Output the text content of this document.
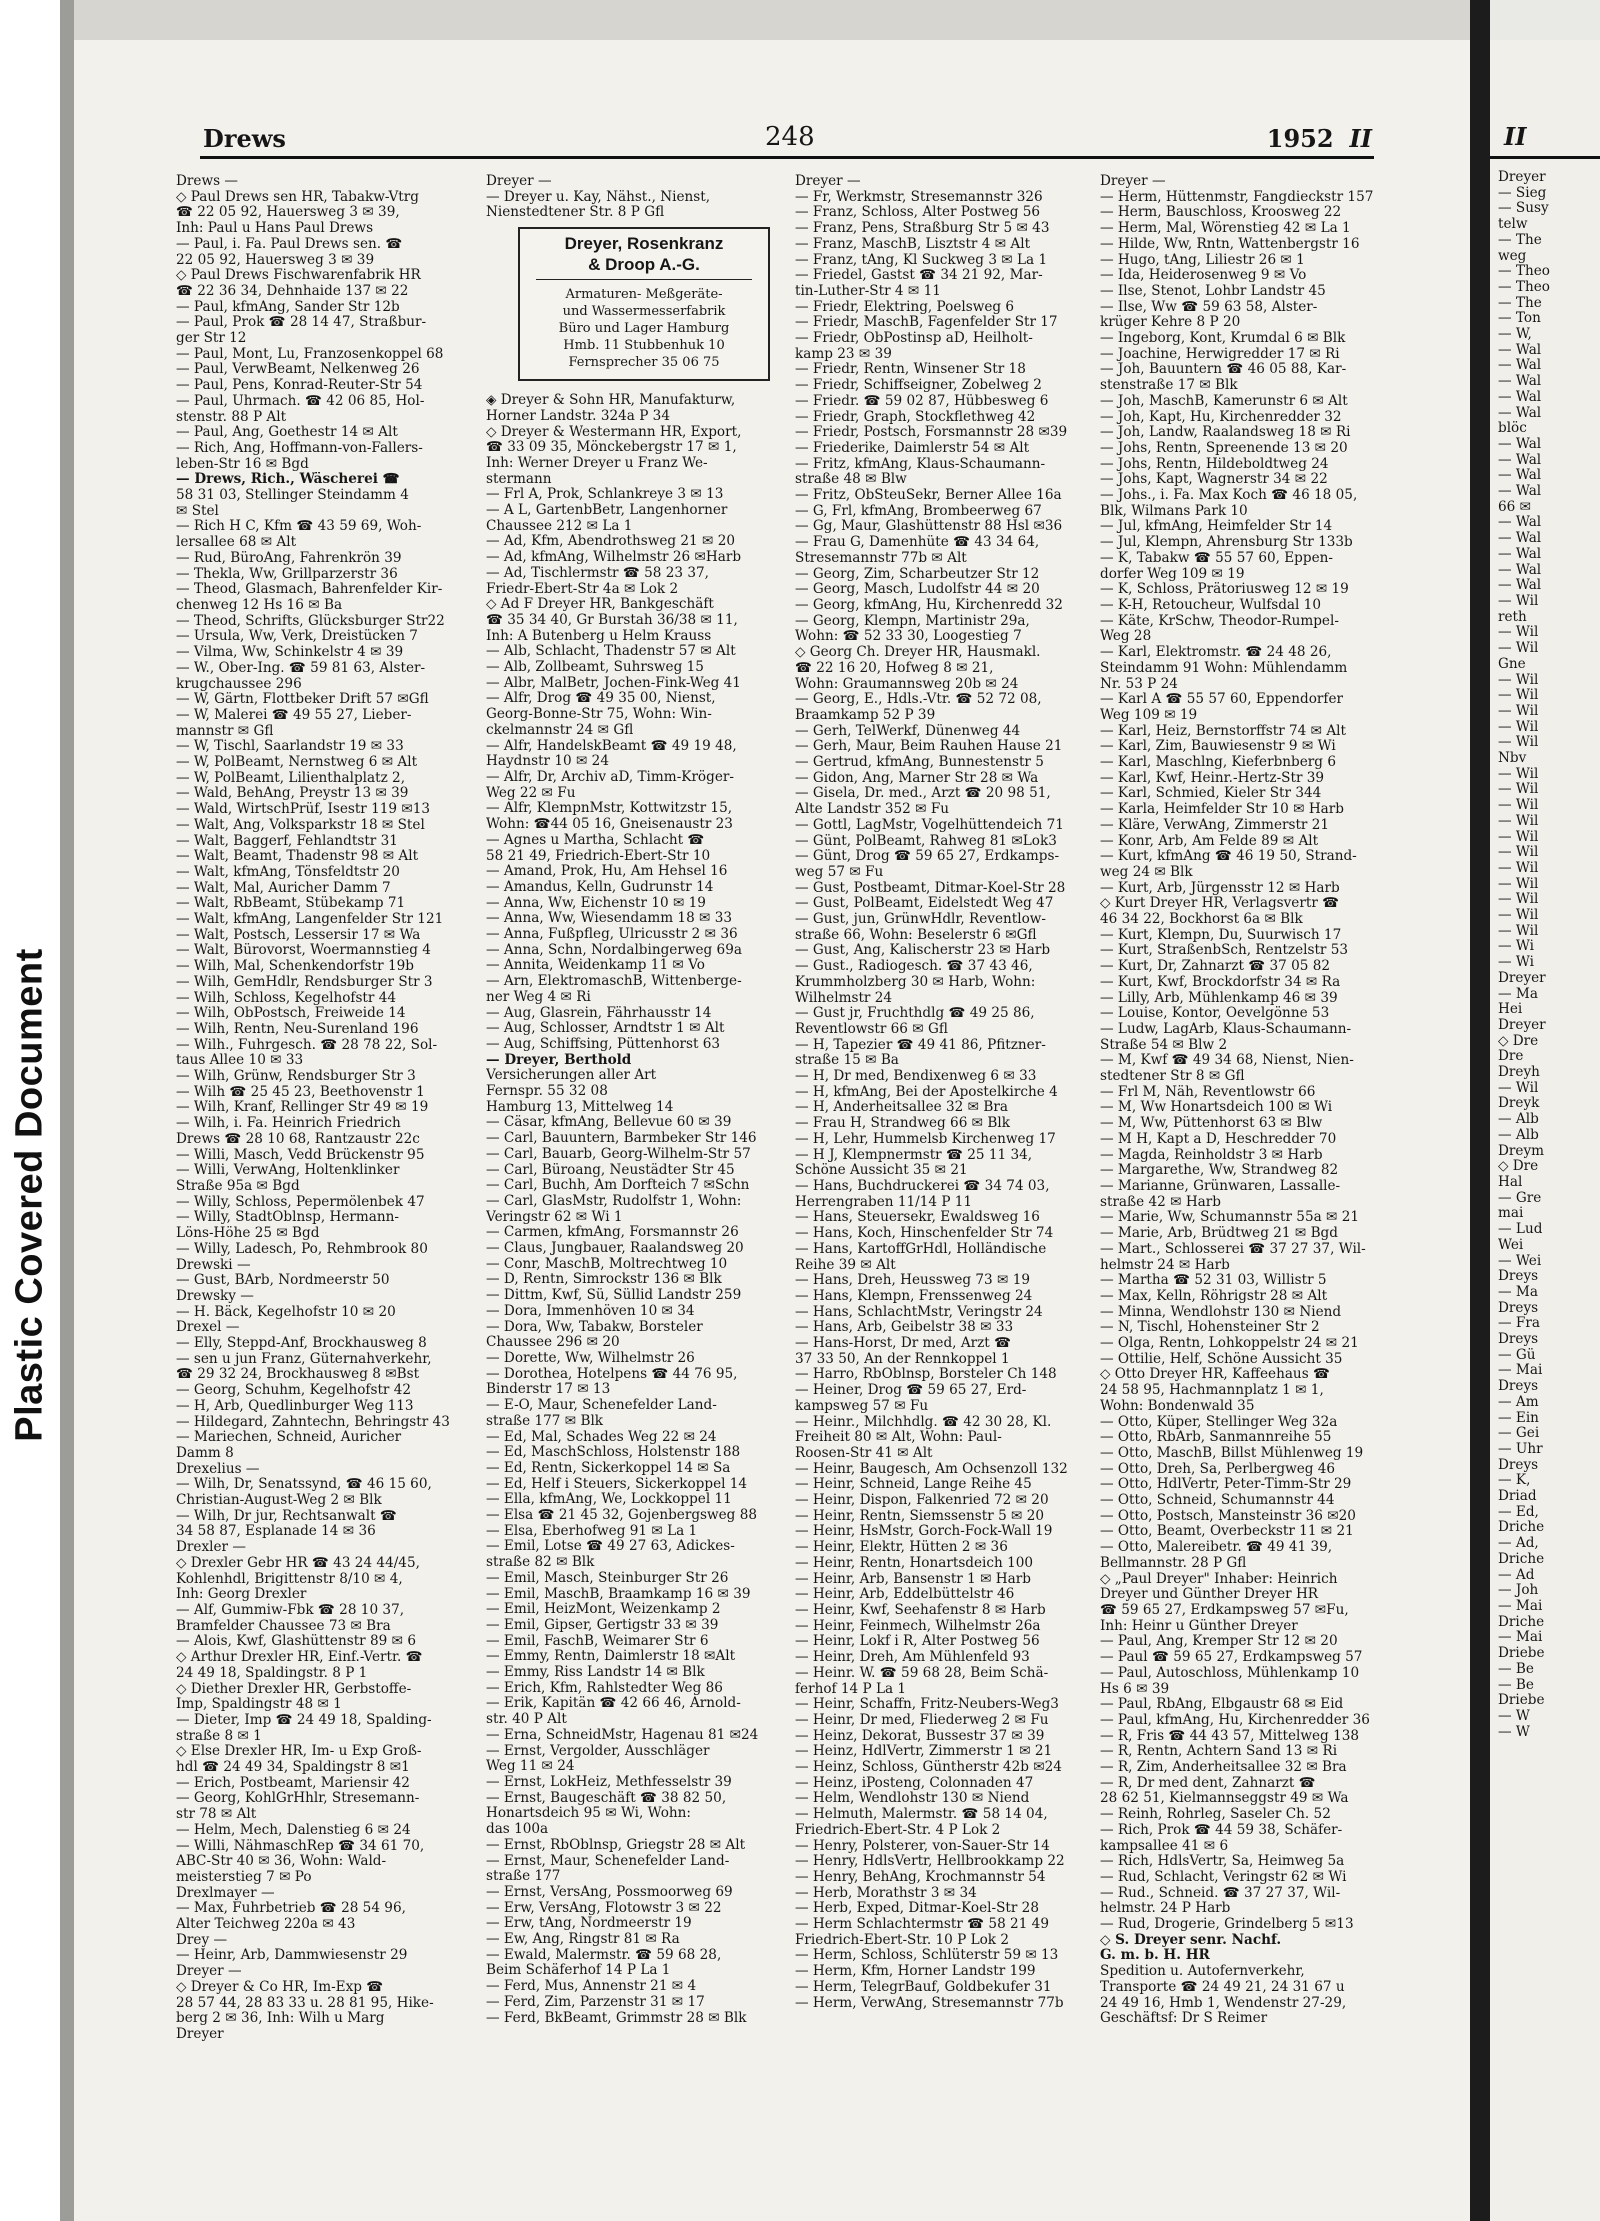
Plastic Covered Document
Drews	248	1952 II
Drews —
◇ Paul Drews sen HR, Tabakw-Vtrg
☎ 22 05 92, Hauersweg 3 ✉ 39,
Inh: Paul u Hans Paul Drews
— Paul, i. Fa. Paul Drews sen. ☎
22 05 92, Hauersweg 3 ✉ 39
◇ Paul Drews Fischwarenfabrik HR
☎ 22 36 34, Dehnhaide 137 ✉ 22
— Paul, kfmAng, Sander Str 12b
— Paul, Prok ☎ 28 14 47, Straßbur-
ger Str 12
— Paul, Mont, Lu, Franzosenkoppel 68
— Paul, VerwBeamt, Nelkenweg 26
— Paul, Pens, Konrad-Reuter-Str 54
— Paul, Uhrmach. ☎ 42 06 85, Hol-
stenstr. 88 P Alt
— Paul, Ang, Goethestr 14 ✉ Alt
— Rich, Ang, Hoffmann-von-Fallers-
leben-Str 16 ✉ Bgd
— Drews, Rich., Wäscherei ☎
58 31 03, Stellinger Steindamm 4
✉ Stel
— Rich H C, Kfm ☎ 43 59 69, Woh-
lersallee 68 ✉ Alt
— Rud, BüroAng, Fahrenkrön 39
— Thekla, Ww, Grillparzerstr 36
— Theod, Glasmach, Bahrenfelder Kir-
chenweg 12 Hs 16 ✉ Ba
— Theod, Schrifts, Glücksburger Str22
— Ursula, Ww, Verk, Dreistücken 7
— Vilma, Ww, Schinkelstr 4 ✉ 39
— W., Ober-Ing. ☎ 59 81 63, Alster-
krugchaussee 296
— W, Gärtn, Flottbeker Drift 57 ✉Gfl
— W, Malerei ☎ 49 55 27, Lieber-
mannstr ✉ Gfl
— W, Tischl, Saarlandstr 19 ✉ 33
— W, PolBeamt, Nernstweg 6 ✉ Alt
— W, PolBeamt, Lilienthalplatz 2,
— Wald, BehAng, Preystr 13 ✉ 39
— Wald, WirtschPrüf, Isestr 119 ✉13
— Walt, Ang, Volksparkstr 18 ✉ Stel
— Walt, Baggerf, Fehlandtstr 31
— Walt, Beamt, Thadenstr 98 ✉ Alt
— Walt, kfmAng, Tönsfeldtstr 20
— Walt, Mal, Auricher Damm 7
— Walt, RbBeamt, Stübekamp 71
— Walt, kfmAng, Langenfelder Str 121
— Walt, Postsch, Lessersir 17 ✉ Wa
— Walt, Bürovorst, Woermannstieg 4
— Wilh, Mal, Schenkendorfstr 19b
— Wilh, GemHdlr, Rendsburger Str 3
— Wilh, Schloss, Kegelhofstr 44
— Wilh, ObPostsch, Freiweide 14
— Wilh, Rentn, Neu-Surenland 196
— Wilh., Fuhrgesch. ☎ 28 78 22, Sol-
taus Allee 10 ✉ 33
— Wilh, Grünw, Rendsburger Str 3
— Wilh ☎ 25 45 23, Beethovenstr 1
— Wilh, Kranf, Rellinger Str 49 ✉ 19
— Wilh, i. Fa. Heinrich Friedrich
Drews ☎ 28 10 68, Rantzaustr 22c
— Willi, Masch, Vedd Brückenstr 95
— Willi, VerwAng, Holtenklinker
Straße 95a ✉ Bgd
— Willy, Schloss, Pepermölenbek 47
— Willy, StadtOblnsp, Hermann-
Löns-Höhe 25 ✉ Bgd
— Willy, Ladesch, Po, Rehmbrook 80
Drewski —
— Gust, BArb, Nordmeerstr 50
Drewsky —
— H. Bäck, Kegelhofstr 10 ✉ 20
Drexel —
— Elly, Steppd-Anf, Brockhausweg 8
— sen u jun Franz, Güternahverkehr,
☎ 29 32 24, Brockhausweg 8 ✉Bst
— Georg, Schuhm, Kegelhofstr 42
— H, Arb, Quedlinburger Weg 113
— Hildegard, Zahntechn, Behringstr 43
— Mariechen, Schneid, Auricher
Damm 8
Drexelius —
— Wilh, Dr, Senatssynd, ☎ 46 15 60,
Christian-August-Weg 2 ✉ Blk
— Wilh, Dr jur, Rechtsanwalt ☎
34 58 87, Esplanade 14 ✉ 36
Drexler —
◇ Drexler Gebr HR ☎ 43 24 44/45,
Kohlenhdl, Brigittenstr 8/10 ✉ 4,
Inh: Georg Drexler
— Alf, Gummiw-Fbk ☎ 28 10 37,
Bramfelder Chaussee 73 ✉ Bra
— Alois, Kwf, Glashüttenstr 89 ✉ 6
◇ Arthur Drexler HR, Einf.-Vertr. ☎
24 49 18, Spaldingstr. 8 P 1
◇ Diether Drexler HR, Gerbstoffe-
Imp, Spaldingstr 48 ✉ 1
— Dieter, Imp ☎ 24 49 18, Spalding-
straße 8 ✉ 1
◇ Else Drexler HR, Im- u Exp Groß-
hdl ☎ 24 49 34, Spaldingstr 8 ✉1
— Erich, Postbeamt, Mariensir 42
— Georg, KohlGrHhlr, Stresemann-
str 78 ✉ Alt
— Helm, Mech, Dalenstieg 6 ✉ 24
— Willi, NähmaschRep ☎ 34 61 70,
ABC-Str 40 ✉ 36, Wohn: Wald-
meisterstieg 7 ✉ Po
Drexlmayer —
— Max, Fuhrbetrieb ☎ 28 54 96,
Alter Teichweg 220a ✉ 43
Drey —
— Heinr, Arb, Dammwiesenstr 29
Dreyer —
◇ Dreyer & Co HR, Im-Exp ☎
28 57 44, 28 83 33 u. 28 81 95, Hike-
berg 2 ✉ 36, Inh: Wilh u Marg
Dreyer
Dreyer —
— Dreyer u. Kay, Nähst., Nienst,
Nienstedtener Str. 8 P Gfl
Dreyer, Rosenkranz
& Droop A.-G.
Armaturen- Meßgeräte-
und Wassermesserfabrik
Büro und Lager Hamburg
Hmb. 11 Stubbenhuk 10
Fernsprecher 35 06 75
◈ Dreyer & Sohn HR, Manufakturw,
Horner Landstr. 324a P 34
◇ Dreyer & Westermann HR, Export,
☎ 33 09 35, Mönckebergstr 17 ✉ 1,
Inh: Werner Dreyer u Franz We-
stermann
— Frl A, Prok, Schlankreye 3 ✉ 13
— A L, GartenbBetr, Langenhorner
Chaussee 212 ✉ La 1
— Ad, Kfm, Abendrothsweg 21 ✉ 20
— Ad, kfmAng, Wilhelmstr 26 ✉Harb
— Ad, Tischlermstr ☎ 58 23 37,
Friedr-Ebert-Str 4a ✉ Lok 2
◇ Ad F Dreyer HR, Bankgeschäft
☎ 35 34 40, Gr Burstah 36/38 ✉ 11,
Inh: A Butenberg u Helm Krauss
— Alb, Schlacht, Thadenstr 57 ✉ Alt
— Alb, Zollbeamt, Suhrsweg 15
— Albr, MalBetr, Jochen-Fink-Weg 41
— Alfr, Drog ☎ 49 35 00, Nienst,
Georg-Bonne-Str 75, Wohn: Win-
ckelmannstr 24 ✉ Gfl
— Alfr, HandelskBeamt ☎ 49 19 48,
Haydnstr 10 ✉ 24
— Alfr, Dr, Archiv aD, Timm-Kröger-
Weg 22 ✉ Fu
— Alfr, KlempnMstr, Kottwitzstr 15,
Wohn: ☎44 05 16, Gneisenaustr 23
— Agnes u Martha, Schlacht ☎
58 21 49, Friedrich-Ebert-Str 10
— Amand, Prok, Hu, Am Hehsel 16
— Amandus, Kelln, Gudrunstr 14
— Anna, Ww, Eichenstr 10 ✉ 19
— Anna, Ww, Wiesendamm 18 ✉ 33
— Anna, Fußpfleg, Ulricusstr 2 ✉ 36
— Anna, Schn, Nordalbingerweg 69a
— Annita, Weidenkamp 11 ✉ Vo
— Arn, ElektromaschB, Wittenberge-
ner Weg 4 ✉ Ri
— Aug, Glasrein, Fährhausstr 14
— Aug, Schlosser, Arndtstr 1 ✉ Alt
— Aug, Schiffsing, Püttenhorst 63
— Dreyer, Berthold
Versicherungen aller Art
Fernspr. 55 32 08
Hamburg 13, Mittelweg 14
— Cäsar, kfmAng, Bellevue 60 ✉ 39
— Carl, Bauuntern, Barmbeker Str 146
— Carl, Bauarb, Georg-Wilhelm-Str 57
— Carl, Büroang, Neustädter Str 45
— Carl, Buchh, Am Dorfteich 7 ✉Schn
— Carl, GlasMstr, Rudolfstr 1, Wohn:
Veringstr 62 ✉ Wi 1
— Carmen, kfmAng, Forsmannstr 26
— Claus, Jungbauer, Raalandsweg 20
— Conr, MaschB, Moltrechtweg 10
— D, Rentn, Simrockstr 136 ✉ Blk
— Dittm, Kwf, Sü, Süllid Landstr 259
— Dora, Immenhöven 10 ✉ 34
— Dora, Ww, Tabakw, Borsteler
Chaussee 296 ✉ 20
— Dorette, Ww, Wilhelmstr 26
— Dorothea, Hotelpens ☎ 44 76 95,
Binderstr 17 ✉ 13
— E-O, Maur, Schenefelder Land-
straße 177 ✉ Blk
— Ed, Mal, Schades Weg 22 ✉ 24
— Ed, MaschSchloss, Holstenstr 188
— Ed, Rentn, Sickerkoppel 14 ✉ Sa
— Ed, Helf i Steuers, Sickerkoppel 14
— Ella, kfmAng, We, Lockkoppel 11
— Elsa ☎ 21 45 32, Gojenbergsweg 88
— Elsa, Eberhofweg 91 ✉ La 1
— Emil, Lotse ☎ 49 27 63, Adickes-
straße 82 ✉ Blk
— Emil, Masch, Steinburger Str 26
— Emil, MaschB, Braamkamp 16 ✉ 39
— Emil, HeizMont, Weizenkamp 2
— Emil, Gipser, Gertigstr 33 ✉ 39
— Emil, FaschB, Weimarer Str 6
— Emmy, Rentn, Daimlerstr 18 ✉Alt
— Emmy, Riss Landstr 14 ✉ Blk
— Erich, Kfm, Rahlstedter Weg 86
— Erik, Kapitän ☎ 42 66 46, Arnold-
str. 40 P Alt
— Erna, SchneidMstr, Hagenau 81 ✉24
— Ernst, Vergolder, Ausschläger
Weg 11 ✉ 24
— Ernst, LokHeiz, Methfesselstr 39
— Ernst, Baugeschäft ☎ 38 82 50,
Honartsdeich 95 ✉ Wi, Wohn:
das 100a
— Ernst, RbOblnsp, Griegstr 28 ✉ Alt
— Ernst, Maur, Schenefelder Land-
straße 177
— Ernst, VersAng, Possmoorweg 69
— Erw, VersAng, Flotowstr 3 ✉ 22
— Erw, tAng, Nordmeerstr 19
— Ew, Ang, Ringstr 81 ✉ Ra
— Ewald, Malermstr. ☎ 59 68 28,
Beim Schäferhof 14 P La 1
— Ferd, Mus, Annenstr 21 ✉ 4
— Ferd, Zim, Parzenstr 31 ✉ 17
— Ferd, BkBeamt, Grimmstr 28 ✉ Blk
Dreyer —
— Fr, Werkmstr, Stresemannstr 326
— Franz, Schloss, Alter Postweg 56
— Franz, Pens, Straßburg Str 5 ✉ 43
— Franz, MaschB, Lisztstr 4 ✉ Alt
— Franz, tAng, Kl Suckweg 3 ✉ La 1
— Friedel, Gastst ☎ 34 21 92, Mar-
tin-Luther-Str 4 ✉ 11
— Friedr, Elektring, Poelsweg 6
— Friedr, MaschB, Fagenfelder Str 17
— Friedr, ObPostinsp aD, Heilholt-
kamp 23 ✉ 39
— Friedr, Rentn, Winsener Str 18
— Friedr, Schiffseigner, Zobelweg 2
— Friedr. ☎ 59 02 87, Hübbesweg 6
— Friedr, Graph, Stockflethweg 42
— Friedr, Postsch, Forsmannstr 28 ✉39
— Friederike, Daimlerstr 54 ✉ Alt
— Fritz, kfmAng, Klaus-Schaumann-
straße 48 ✉ Blw
— Fritz, ObSteuSekr, Berner Allee 16a
— G, Frl, kfmAng, Brombeerweg 67
— Gg, Maur, Glashüttenstr 88 Hsl ✉36
— Frau G, Damenhüte ☎ 43 34 64,
Stresemannstr 77b ✉ Alt
— Georg, Zim, Scharbeutzer Str 12
— Georg, Masch, Ludolfstr 44 ✉ 20
— Georg, kfmAng, Hu, Kirchenredd 32
— Georg, Klempn, Martinistr 29a,
Wohn: ☎ 52 33 30, Loogestieg 7
◇ Georg Ch. Dreyer HR, Hausmakl.
☎ 22 16 20, Hofweg 8 ✉ 21,
Wohn: Graumannsweg 20b ✉ 24
— Georg, E., Hdls.-Vtr. ☎ 52 72 08,
Braamkamp 52 P 39
— Gerh, TelWerkf, Dünenweg 44
— Gerh, Maur, Beim Rauhen Hause 21
— Gertrud, kfmAng, Bunnestenstr 5
— Gidon, Ang, Marner Str 28 ✉ Wa
— Gisela, Dr. med., Arzt ☎ 20 98 51,
Alte Landstr 352 ✉ Fu
— Gottl, LagMstr, Vogelhüttendeich 71
— Günt, PolBeamt, Rahweg 81 ✉Lok3
— Günt, Drog ☎ 59 65 27, Erdkamps-
weg 57 ✉ Fu
— Gust, Postbeamt, Ditmar-Koel-Str 28
— Gust, PolBeamt, Eidelstedt Weg 47
— Gust, jun, GrünwHdlr, Reventlow-
straße 66, Wohn: Beselerstr 6 ✉Gfl
— Gust, Ang, Kalischerstr 23 ✉ Harb
— Gust., Radiogesch. ☎ 37 43 46,
Krummholzberg 30 ✉ Harb, Wohn:
Wilhelmstr 24
— Gust jr, Fruchthdlg ☎ 49 25 86,
Reventlowstr 66 ✉ Gfl
— H, Tapezier ☎ 49 41 86, Pfitzner-
straße 15 ✉ Ba
— H, Dr med, Bendixenweg 6 ✉ 33
— H, kfmAng, Bei der Apostelkirche 4
— H, Anderheitsallee 32 ✉ Bra
— Frau H, Strandweg 66 ✉ Blk
— H, Lehr, Hummelsb Kirchenweg 17
— H J, Klempnermstr ☎ 25 11 34,
Schöne Aussicht 35 ✉ 21
— Hans, Buchdruckerei ☎ 34 74 03,
Herrengraben 11/14 P 11
— Hans, Steuersekr, Ewaldsweg 16
— Hans, Koch, Hinschenfelder Str 74
— Hans, KartoffGrHdl, Holländische
Reihe 39 ✉ Alt
— Hans, Dreh, Heussweg 73 ✉ 19
— Hans, Klempn, Frenssenweg 24
— Hans, SchlachtMstr, Veringstr 24
— Hans, Arb, Geibelstr 38 ✉ 33
— Hans-Horst, Dr med, Arzt ☎
37 33 50, An der Rennkoppel 1
— Harro, RbOblnsp, Borsteler Ch 148
— Heiner, Drog ☎ 59 65 27, Erd-
kampsweg 57 ✉ Fu
— Heinr., Milchhdlg. ☎ 42 30 28, Kl.
Freiheit 80 ✉ Alt, Wohn: Paul-
Roosen-Str 41 ✉ Alt
— Heinr, Baugesch, Am Ochsenzoll 132
— Heinr, Schneid, Lange Reihe 45
— Heinr, Dispon, Falkenried 72 ✉ 20
— Heinr, Rentn, Siemssenstr 5 ✉ 20
— Heinr, HsMstr, Gorch-Fock-Wall 19
— Heinr, Elektr, Hütten 2 ✉ 36
— Heinr, Rentn, Honartsdeich 100
— Heinr, Arb, Bansenstr 1 ✉ Harb
— Heinr, Arb, Eddelbüttelstr 46
— Heinr, Kwf, Seehafenstr 8 ✉ Harb
— Heinr, Feinmech, Wilhelmstr 26a
— Heinr, Lokf i R, Alter Postweg 56
— Heinr, Dreh, Am Mühlenfeld 93
— Heinr. W. ☎ 59 68 28, Beim Schä-
ferhof 14 P La 1
— Heinr, Schaffn, Fritz-Neubers-Weg3
— Heinr, Dr med, Fliederweg 2 ✉ Fu
— Heinz, Dekorat, Bussestr 37 ✉ 39
— Heinz, HdlVertr, Zimmerstr 1 ✉ 21
— Heinz, Schloss, Güntherstr 42b ✉24
— Heinz, iPosteng, Colonnaden 47
— Helm, Wendlohstr 130 ✉ Niend
— Helmuth, Malermstr. ☎ 58 14 04,
Friedrich-Ebert-Str. 4 P Lok 2
— Henry, Polsterer, von-Sauer-Str 14
— Henry, HdlsVertr, Hellbrookkamp 22
— Henry, BehAng, Krochmannstr 54
— Herb, Morathstr 3 ✉ 34
— Herb, Exped, Ditmar-Koel-Str 28
— Herm Schlachtermstr ☎ 58 21 49
Friedrich-Ebert-Str. 10 P Lok 2
— Herm, Schloss, Schlüterstr 59 ✉ 13
— Herm, Kfm, Horner Landstr 199
— Herm, TelegrBauf, Goldbekufer 31
— Herm, VerwAng, Stresemannstr 77b
Dreyer —
— Herm, Hüttenmstr, Fangdieckstr 157
— Herm, Bauschloss, Kroosweg 22
— Herm, Mal, Wörenstieg 42 ✉ La 1
— Hilde, Ww, Rntn, Wattenbergstr 16
— Hugo, tAng, Liliestr 26 ✉ 1
— Ida, Heiderosenweg 9 ✉ Vo
— Ilse, Stenot, Lohbr Landstr 45
— Ilse, Ww ☎ 59 63 58, Alster-
krüger Kehre 8 P 20
— Ingeborg, Kont, Krumdal 6 ✉ Blk
— Joachine, Herwigredder 17 ✉ Ri
— Joh, Bauuntern ☎ 46 05 88, Kar-
stenstraße 17 ✉ Blk
— Joh, MaschB, Kamerunstr 6 ✉ Alt
— Joh, Kapt, Hu, Kirchenredder 32
— Joh, Landw, Raalandsweg 18 ✉ Ri
— Johs, Rentn, Spreenende 13 ✉ 20
— Johs, Rentn, Hildeboldtweg 24
— Johs, Kapt, Wagnerstr 34 ✉ 22
— Johs., i. Fa. Max Koch ☎ 46 18 05,
Blk, Wilmans Park 10
— Jul, kfmAng, Heimfelder Str 14
— Jul, Klempn, Ahrensburg Str 133b
— K, Tabakw ☎ 55 57 60, Eppen-
dorfer Weg 109 ✉ 19
— K, Schloss, Prätoriusweg 12 ✉ 19
— K-H, Retoucheur, Wulfsdal 10
— Käte, KrSchw, Theodor-Rumpel-
Weg 28
— Karl, Elektromstr. ☎ 24 48 26,
Steindamm 91 Wohn: Mühlendamm
Nr. 53 P 24
— Karl A ☎ 55 57 60, Eppendorfer
Weg 109 ✉ 19
— Karl, Heiz, Bernstorffstr 74 ✉ Alt
— Karl, Zim, Bauwiesenstr 9 ✉ Wi
— Karl, Maschlng, Kieferbnberg 6
— Karl, Kwf, Heinr.-Hertz-Str 39
— Karl, Schmied, Kieler Str 344
— Karla, Heimfelder Str 10 ✉ Harb
— Kläre, VerwAng, Zimmerstr 21
— Konr, Arb, Am Felde 89 ✉ Alt
— Kurt, kfmAng ☎ 46 19 50, Strand-
weg 24 ✉ Blk
— Kurt, Arb, Jürgensstr 12 ✉ Harb
◇ Kurt Dreyer HR, Verlagsvertr ☎
46 34 22, Bockhorst 6a ✉ Blk
— Kurt, Klempn, Du, Suurwisch 17
— Kurt, StraßenbSch, Rentzelstr 53
— Kurt, Dr, Zahnarzt ☎ 37 05 82
— Kurt, Kwf, Brockdorfstr 34 ✉ Ra
— Lilly, Arb, Mühlenkamp 46 ✉ 39
— Louise, Kontor, Oevelgönne 53
— Ludw, LagArb, Klaus-Schaumann-
Straße 54 ✉ Blw 2
— M, Kwf ☎ 49 34 68, Nienst, Nien-
stedtener Str 8 ✉ Gfl
— Frl M, Näh, Reventlowstr 66
— M, Ww Honartsdeich 100 ✉ Wi
— M, Ww, Püttenhorst 63 ✉ Blw
— M H, Kapt a D, Heschredder 70
— Magda, Reinholdstr 3 ✉ Harb
— Margarethe, Ww, Strandweg 82
— Marianne, Grünwaren, Lassalle-
straße 42 ✉ Harb
— Marie, Ww, Schumannstr 55a ✉ 21
— Marie, Arb, Brüdtweg 21 ✉ Bgd
— Mart., Schlosserei ☎ 37 27 37, Wil-
helmstr 24 ✉ Harb
— Martha ☎ 52 31 03, Willistr 5
— Max, Kelln, Röhrigstr 28 ✉ Alt
— Minna, Wendlohstr 130 ✉ Niend
— N, Tischl, Hohensteiner Str 2
— Olga, Rentn, Lohkoppelstr 24 ✉ 21
— Ottilie, Helf, Schöne Aussicht 35
◇ Otto Dreyer HR, Kaffeehaus ☎
24 58 95, Hachmannplatz 1 ✉ 1,
Wohn: Bondenwald 35
— Otto, Küper, Stellinger Weg 32a
— Otto, RbArb, Sanmannreihe 55
— Otto, MaschB, Billst Mühlenweg 19
— Otto, Dreh, Sa, Perlbergweg 46
— Otto, HdlVertr, Peter-Timm-Str 29
— Otto, Schneid, Schumannstr 44
— Otto, Postsch, Mansteinstr 36 ✉20
— Otto, Beamt, Overbeckstr 11 ✉ 21
— Otto, Malereibetr. ☎ 49 41 39,
Bellmannstr. 28 P Gfl
◇ „Paul Dreyer" Inhaber: Heinrich
Dreyer und Günther Dreyer HR
☎ 59 65 27, Erdkampsweg 57 ✉Fu,
Inh: Heinr u Günther Dreyer
— Paul, Ang, Kremper Str 12 ✉ 20
— Paul ☎ 59 65 27, Erdkampsweg 57
— Paul, Autoschloss, Mühlenkamp 10
Hs 6 ✉ 39
— Paul, RbAng, Elbgaustr 68 ✉ Eid
— Paul, kfmAng, Hu, Kirchenredder 36
— R, Fris ☎ 44 43 57, Mittelweg 138
— R, Rentn, Achtern Sand 13 ✉ Ri
— R, Zim, Anderheitsallee 32 ✉ Bra
— R, Dr med dent, Zahnarzt ☎
28 62 51, Kielmannseggstr 49 ✉ Wa
— Reinh, Rohrleg, Saseler Ch. 52
— Rich, Prok ☎ 44 59 38, Schäfer-
kampsallee 41 ✉ 6
— Rich, HdlsVertr, Sa, Heimweg 5a
— Rud, Schlacht, Veringstr 62 ✉ Wi
— Rud., Schneid. ☎ 37 27 37, Wil-
helmstr. 24 P Harb
— Rud, Drogerie, Grindelberg 5 ✉13
◇ S. Dreyer senr. Nachf.
G. m. b. H. HR
Spedition u. Autofernverkehr,
Transporte ☎ 24 49 21, 24 31 67 u
24 49 16, Hmb 1, Wendenstr 27-29,
Geschäftsf: Dr S Reimer
II
Dreyer
— Sieg
— Susy
telw
— The
weg
— Theo
— Theo
— The
— Ton
— W,
— Wal
— Wal
— Wal
— Wal
— Wal
blöc
— Wal
— Wal
— Wal
— Wal
66 ✉
— Wal
— Wal
— Wal
— Wal
— Wal
— Wil
reth
— Wil
— Wil
Gne
— Wil
— Wil
— Wil
— Wil
— Wil
Nbv
— Wil
— Wil
— Wil
— Wil
— Wil
— Wil
— Wil
— Wil
— Wil
— Wil
— Wil
— Wi
— Wi
Dreyer
— Ma
Hei
Dreyer
◇ Dre
Dre
Dreyh
— Wil
Dreyk
— Alb
— Alb
Dreym
◇ Dre
Hal
— Gre
mai
— Lud
Wei
— Wei
Dreys
— Ma
Dreys
— Fra
Dreys
— Gü
— Mai
Dreys
— Am
— Ein
— Gei
— Uhr
Dreys
— K,
Driad
— Ed,
Driche
— Ad,
Driche
— Ad
— Joh
— Mai
Driche
— Mai
Driebe
— Be
— Be
Driebe
— W
— W
